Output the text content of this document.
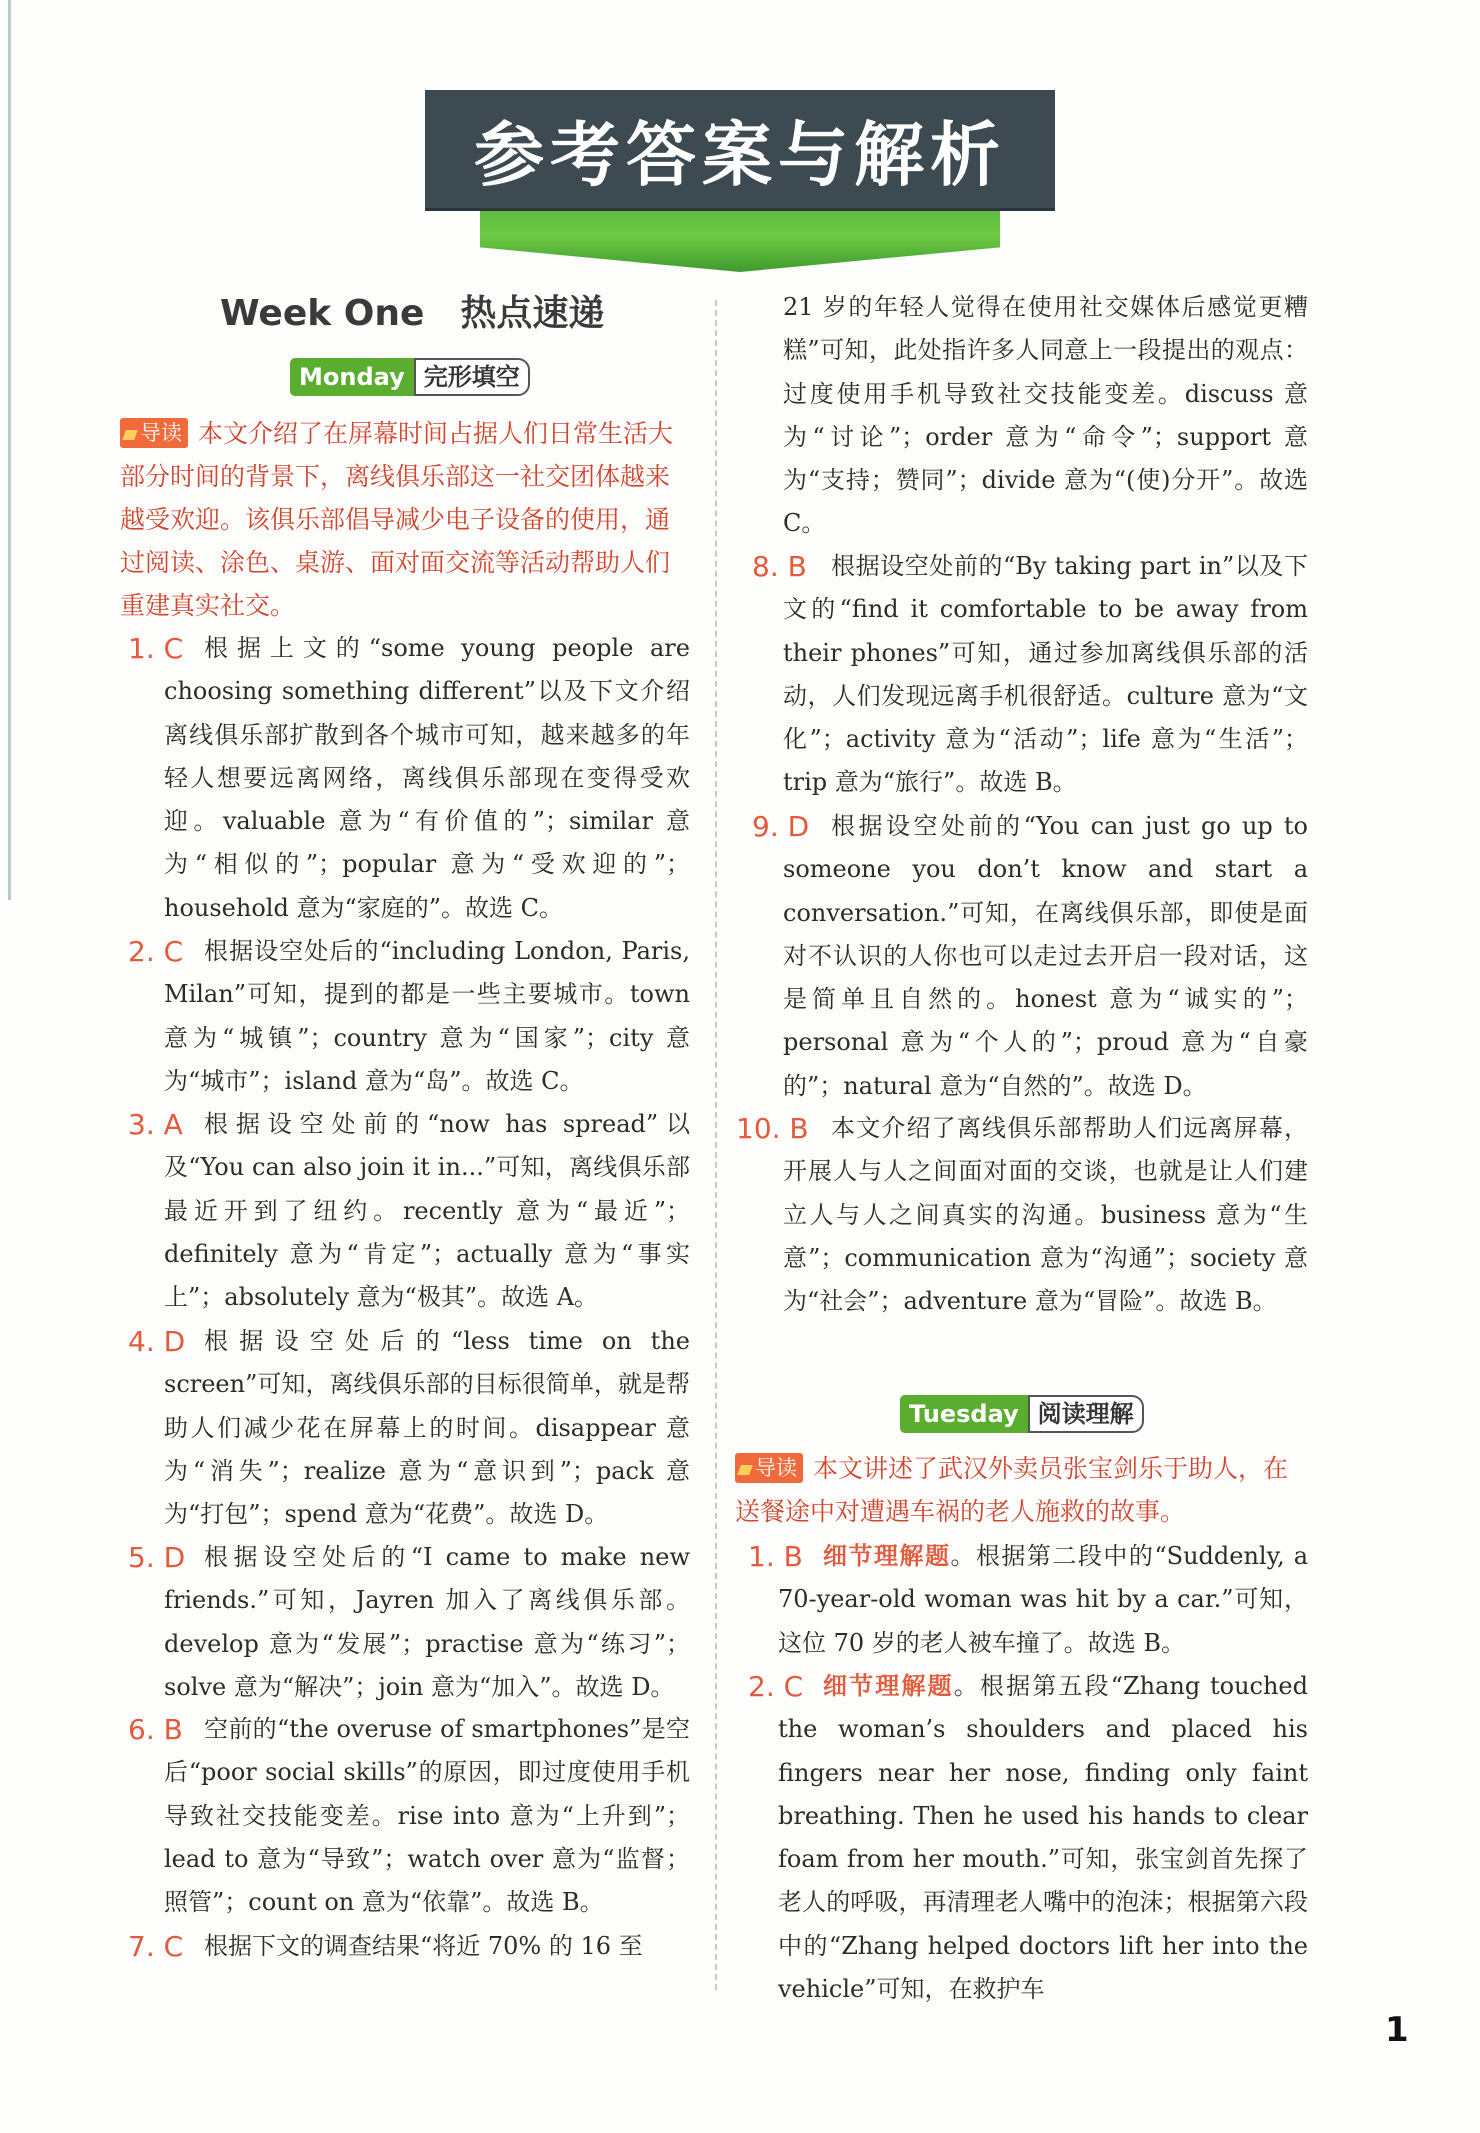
参考答案与解析
Week One　热点速递
Monday 完形填空
导读 本文介绍了在屏幕时间占据人们日常生活大部分时间的背景下，离线俱乐部这一社交团体越来越受欢迎。该俱乐部倡导减少电子设备的使用，通过阅读、涂色、桌游、面对面交流等活动帮助人们重建真实社交。
1. C 根据上文的“some young people are choosing something different”以及下文介绍离线俱乐部扩散到各个城市可知，越来越多的年轻人想要远离网络，离线俱乐部现在变得受欢迎。valuable 意为“有价值的”；similar 意为“相似的”；popular 意为“受欢迎的”；household 意为“家庭的”。故选 C。
2. C 根据设空处后的“including London, Paris, Milan”可知，提到的都是一些主要城市。town 意为“城镇”；country 意为“国家”；city 意为“城市”；island 意为“岛”。故选 C。
3. A 根据设空处前的“now has spread”以及“You can also join it in...”可知，离线俱乐部最近开到了纽约。recently 意为“最近”；definitely 意为“肯定”；actually 意为“事实上”；absolutely 意为“极其”。故选 A。
4. D 根据设空处后的“less time on the screen”可知，离线俱乐部的目标很简单，就是帮助人们减少花在屏幕上的时间。disappear 意为“消失”；realize 意为“意识到”；pack 意为“打包”；spend 意为“花费”。故选 D。
5. D 根据设空处后的“I came to make new friends.”可知，Jayren 加入了离线俱乐部。develop 意为“发展”；practise 意为“练习”；solve 意为“解决”；join 意为“加入”。故选 D。
6. B 空前的“the overuse of smartphones”是空后“poor social skills”的原因，即过度使用手机导致社交技能变差。rise into 意为“上升到”；lead to 意为“导致”；watch over 意为“监督；照管”；count on 意为“依靠”。故选 B。
7. C 根据下文的调查结果“将近 70% 的 16 至
21 岁的年轻人觉得在使用社交媒体后感觉更糟糕”可知，此处指许多人同意上一段提出的观点：过度使用手机导致社交技能变差。discuss 意为“讨论”；order 意为“命令”；support 意为“支持；赞同”；divide 意为“(使)分开”。故选 C。
8. B	根据设空处前的“By taking part in”以及下文的“find it comfortable to be away from their phones”可知，通过参加离线俱乐部的活动，人们发现远离手机很舒适。culture 意为“文化”；activity 意为“活动”；life 意为“生活”；trip 意为“旅行”。故选 B。
9. D 根据设空处前的“You can just go up to someone you don’t know and start a conversation.”可知，在离线俱乐部，即使是面对不认识的人你也可以走过去开启一段对话，这是简单且自然的。honest 意为“诚实的”；personal 意为“个人的”；proud 意为“自豪的”；natural 意为“自然的”。故选 D。
10. B 本文介绍了离线俱乐部帮助人们远离屏幕，开展人与人之间面对面的交谈，也就是让人们建立人与人之间真实的沟通。business 意为“生意”；communication 意为“沟通”；society 意为“社会”；adventure 意为“冒险”。故选 B。
Tuesday 阅读理解
导读 本文讲述了武汉外卖员张宝剑乐于助人，在送餐途中对遭遇车祸的老人施救的故事。
1. B 细节理解题。根据第二段中的“Suddenly, a 70-year-old woman was hit by a car.”可知，这位 70 岁的老人被车撞了。故选 B。
2. C 细节理解题。根据第五段“Zhang touched the woman’s shoulders and placed his fingers near her nose, finding only faint breathing. Then he used his hands to clear foam from her mouth.”可知，张宝剑首先探了老人的呼吸，再清理老人嘴中的泡沫；根据第六段中的“Zhang helped doctors lift her into the vehicle”可知，在救护车
1
